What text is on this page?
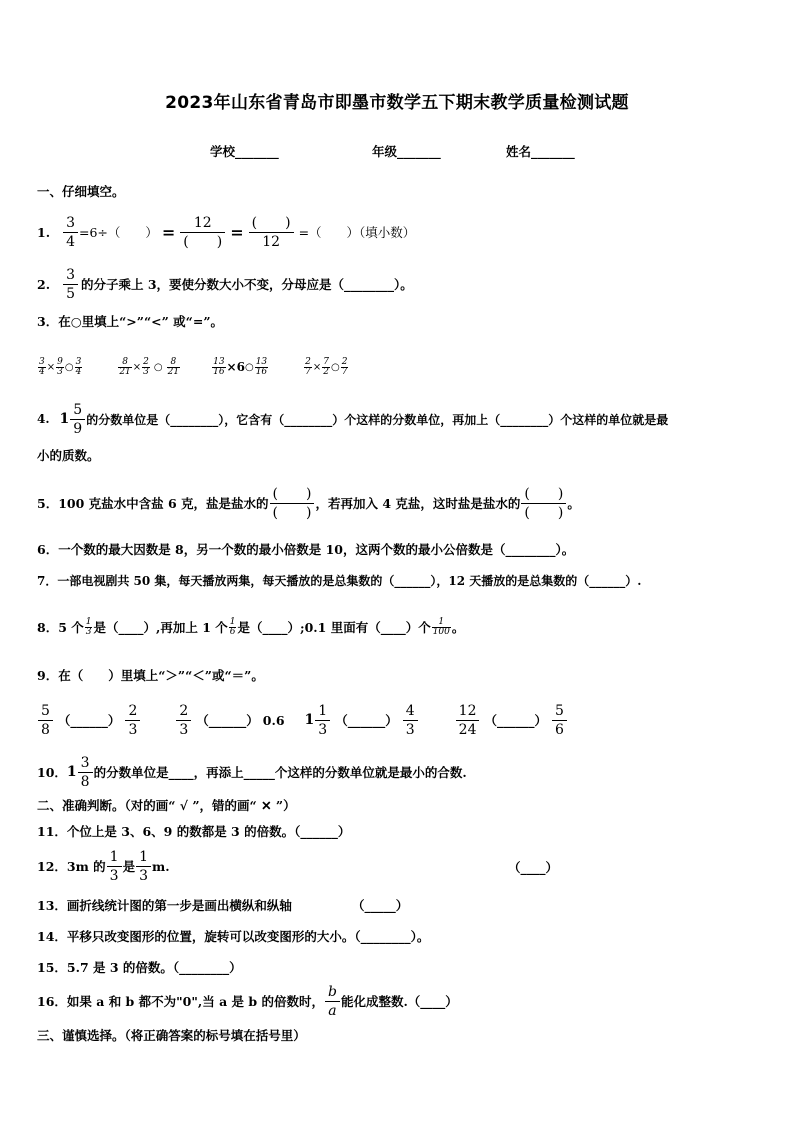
2023年山东省青岛市即墨市数学五下期末教学质量检测试题
学校_______	年级_______	姓名_______
一、仔细填空。
1. $\frac{3}{4} =6\div$（　　） = $\frac{12}{( )} = \frac{( )}{12}$ =（　　）（填小数）
2. $\frac{3}{5}$ 的分子乘上 3，要使分数大小不变，分母应是（________）。
3．在○里填上“>”“<” 或“=”。
$\frac{3}{4} \times \frac{9}{3}$ ○ $\frac{3}{4}$	$\frac{8}{21} \times \frac{2}{3}$ ○ $\frac{8}{21}$	$\frac{13}{16} \times 6$ ○ $\frac{13}{16}$	$\frac{2}{7} \times \frac{7}{2}$ ○ $\frac{2}{7}$
4. $1 \frac{5}{9}$ 的分数单位是（________），它含有（________）个这样的分数单位，再加上（________）个这样的单位就是最
小的质数。
5．100 克盐水中含盐 6 克，盐是盐水的 $\frac{( )}{( )}$ ，若再加入 4 克盐，这时盐是盐水的 $\frac{( )}{( )}$ 。
6．一个数的最大因数是 8，另一个数的最小倍数是 10，这两个数的最小公倍数是（________）。
7．一部电视剧共 50 集，每天播放两集，每天播放的是总集数的（______），12 天播放的是总集数的（______）.
8．5 个 $\frac{1}{3}$ 是（____）,再加上 1 个 $\frac{1}{6}$ 是（____）;0.1 里面有（____）个 $\frac{1}{100}$ 。
9．在（　　）里填上“＞”“＜”或“＝”。
$\frac{5}{8}$ （______） $\frac{2}{3}$	$\frac{2}{3}$ （______） 0.6 $1 \frac{1}{3}$ （______） $\frac{4}{3}$	$\frac{12}{24}$ （______） $\frac{5}{6}$
10． $1 \frac{3}{8}$ 的分数单位是____，再添上_____个这样的分数单位就是最小的合数.
二、准确判断。（对的画“ √ ”，错的画“ ✕ ”）
11．个位上是 3、6、9 的数都是 3 的倍数。（______）
12．3m 的 $\frac{1}{3}$ 是 $\frac{1}{3} m$.	（____）
13．画折线统计图的第一步是画出横纵和纵轴	（_____）
14．平移只改变图形的位置，旋转可以改变图形的大小。（________）。
15．5.7 是 3 的倍数。（________）
16．如果 a 和 b 都不为"0",当 a 是 b 的倍数时， $\frac{b}{a}$ 能化成整数.（____）
三、谨慎选择。（将正确答案的标号填在括号里）
